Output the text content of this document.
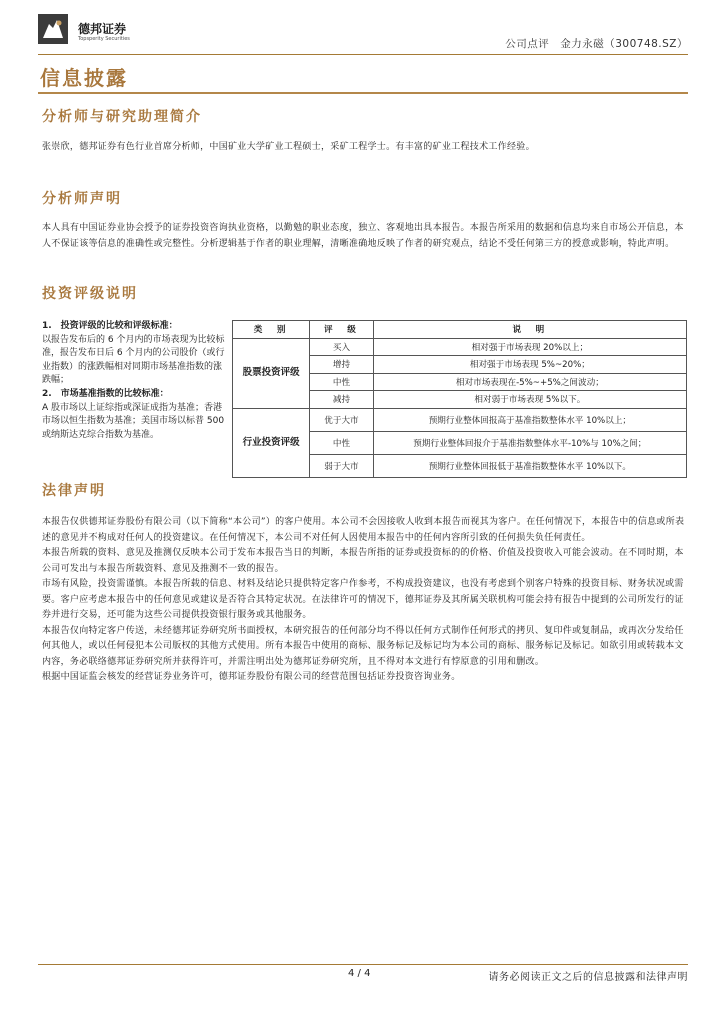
德邦证券
Topsperity Securities	公司点评　金力永磁（300748.SZ）
信息披露
分析师与研究助理简介
张崇欣，德邦证券有色行业首席分析师，中国矿业大学矿业工程硕士，采矿工程学士。有丰富的矿业工程技术工作经验。
分析师声明
本人具有中国证券业协会授予的证券投资咨询执业资格，以勤勉的职业态度，独立、客观地出具本报告。本报告所采用的数据和信息均来自市场公开信息，本人不保证该等信息的准确性或完整性。分析逻辑基于作者的职业理解，清晰准确地反映了作者的研究观点，结论不受任何第三方的授意或影响，特此声明。
投资评级说明

1.　投资评级的比较和评级标准：

以报告发布后的 6 个月内的市场表现为比较标准，报告发布日后 6 个月内的公司股价（或行业指数）的涨跌幅相对同期市场基准指数的涨跌幅；

2.　市场基准指数的比较标准：

A 股市场以上证综指或深证成指为基准；香港市场以恒生指数为基准；美国市场以标普 500 或纳斯达克综合指数为基准。

类　别	评　级	说　明
股票投资评级	买入	相对强于市场表现 20%以上；
	增持	相对强于市场表现 5%~20%；
	中性	相对市场表现在-5%~+5%之间波动；
	减持	相对弱于市场表现 5%以下。
行业投资评级	优于大市	预期行业整体回报高于基准指数整体水平 10%以上；
	中性	预期行业整体回报介于基准指数整体水平-10%与 10%之间；
	弱于大市	预期行业整体回报低于基准指数整体水平 10%以下。
法律声明

本报告仅供德邦证券股份有限公司（以下简称“本公司”）的客户使用。本公司不会因接收人收到本报告而视其为客户。在任何情况下，本报告中的信息或所表述的意见并不构成对任何人的投资建议。在任何情况下，本公司不对任何人因使用本报告中的任何内容所引致的任何损失负任何责任。

本报告所载的资料、意见及推测仅反映本公司于发布本报告当日的判断，本报告所指的证券或投资标的的价格、价值及投资收入可能会波动。在不同时期，本公司可发出与本报告所载资料、意见及推测不一致的报告。

市场有风险，投资需谨慎。本报告所载的信息、材料及结论只提供特定客户作参考，不构成投资建议，也没有考虑到个别客户特殊的投资目标、财务状况或需要。客户应考虑本报告中的任何意见或建议是否符合其特定状况。在法律许可的情况下，德邦证券及其所属关联机构可能会持有报告中提到的公司所发行的证券并进行交易，还可能为这些公司提供投资银行服务或其他服务。

本报告仅向特定客户传送，未经德邦证券研究所书面授权，本研究报告的任何部分均不得以任何方式制作任何形式的拷贝、复印件或复制品，或再次分发给任何其他人，或以任何侵犯本公司版权的其他方式使用。所有本报告中使用的商标、服务标记及标记均为本公司的商标、服务标记及标记。如欲引用或转载本文内容，务必联络德邦证券研究所并获得许可，并需注明出处为德邦证券研究所，且不得对本文进行有悖原意的引用和删改。

根据中国证监会核发的经营证券业务许可，德邦证券股份有限公司的经营范围包括证券投资咨询业务。

4 / 4	请务必阅读正文之后的信息披露和法律声明
